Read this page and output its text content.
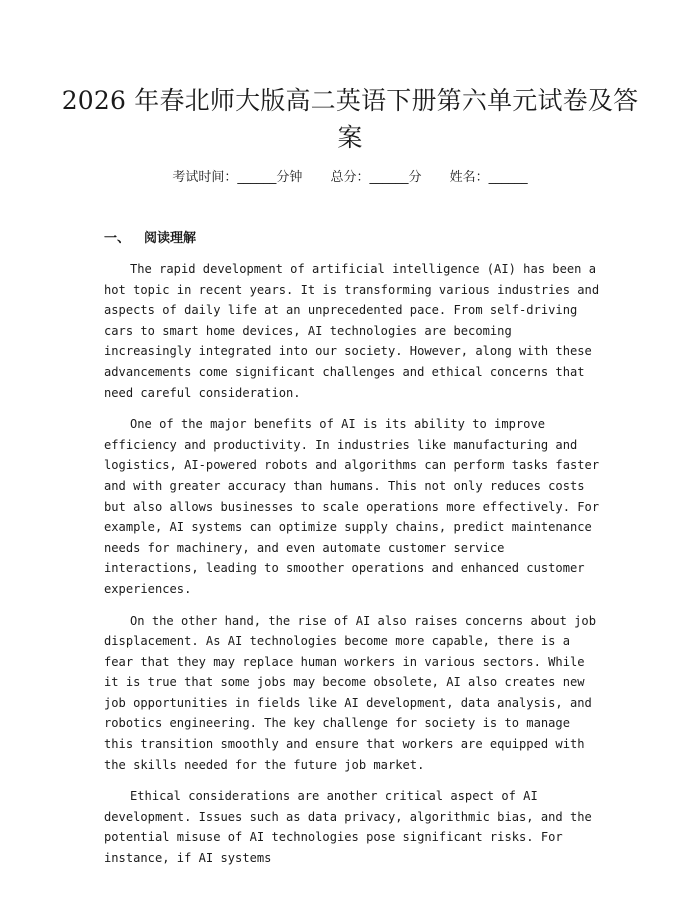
2026 年春北师大版高二英语下册第六单元试卷及答案
考试时间：______分钟 总分：______分 姓名：______
一、 阅读理解

The rapid development of artificial intelligence (AI) has been a hot topic in recent years. It is transforming various industries and aspects of daily life at an unprecedented pace. From self-driving cars to smart home devices, AI technologies are becoming increasingly integrated into our society. However, along with these advancements come significant challenges and ethical concerns that need careful consideration.

One of the major benefits of AI is its ability to improve efficiency and productivity. In industries like manufacturing and logistics, AI-powered robots and algorithms can perform tasks faster and with greater accuracy than humans. This not only reduces costs but also allows businesses to scale operations more effectively. For example, AI systems can optimize supply chains, predict maintenance needs for machinery, and even automate customer service interactions, leading to smoother operations and enhanced customer experiences.

On the other hand, the rise of AI also raises concerns about job displacement. As AI technologies become more capable, there is a fear that they may replace human workers in various sectors. While it is true that some jobs may become obsolete, AI also creates new job opportunities in fields like AI development, data analysis, and robotics engineering. The key challenge for society is to manage this transition smoothly and ensure that workers are equipped with the skills needed for the future job market.

Ethical considerations are another critical aspect of AI development. Issues such as data privacy, algorithmic bias, and the potential misuse of AI technologies pose significant risks. For instance, if AI systems
